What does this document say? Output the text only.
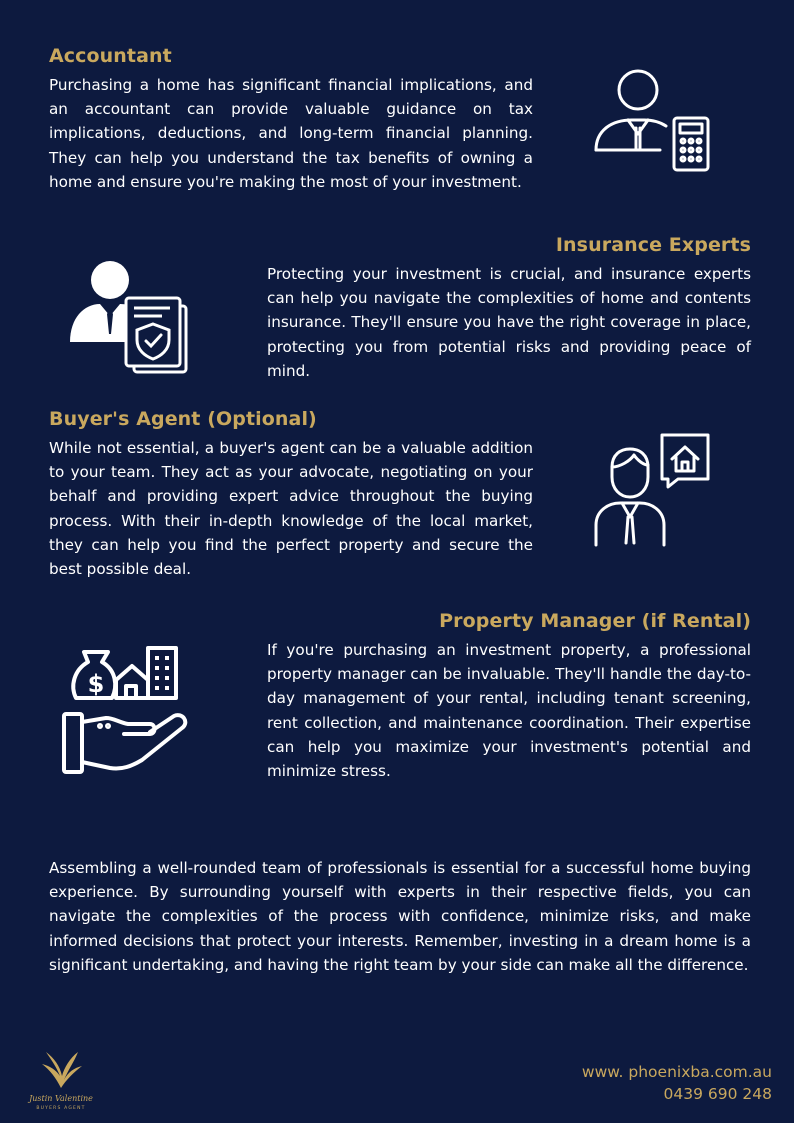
Accountant

Purchasing a home has significant financial implications, and an accountant can provide valuable guidance on tax implications, deductions, and long-term financial planning. They can help you understand the tax benefits of owning a home and ensure you're making the most of your investment.

Insurance Experts

Protecting your investment is crucial, and insurance experts can help you navigate the complexities of home and contents insurance. They'll ensure you have the right coverage in place, protecting you from potential risks and providing peace of mind.

Buyer's Agent (Optional)

While not essential, a buyer's agent can be a valuable addition to your team. They act as your advocate, negotiating on your behalf and providing expert advice throughout the buying process. With their in-depth knowledge of the local market, they can help you find the perfect property and secure the best possible deal.

Property Manager (if Rental)

If you're purchasing an investment property, a professional property manager can be invaluable. They'll handle the day-to-day management of your rental, including tenant screening, rent collection, and maintenance coordination. Their expertise can help you maximize your investment's potential and minimize stress.

$

Assembling a well-rounded team of professionals is essential for a successful home buying experience. By surrounding yourself with experts in their respective fields, you can navigate the complexities of the process with confidence, minimize risks, and make informed decisions that protect your interests. Remember, investing in a dream home is a significant undertaking, and having the right team by your side can make all the difference.

Justin Valentine
BUYERS AGENT
www. phoenixba.com.au
0439 690 248
